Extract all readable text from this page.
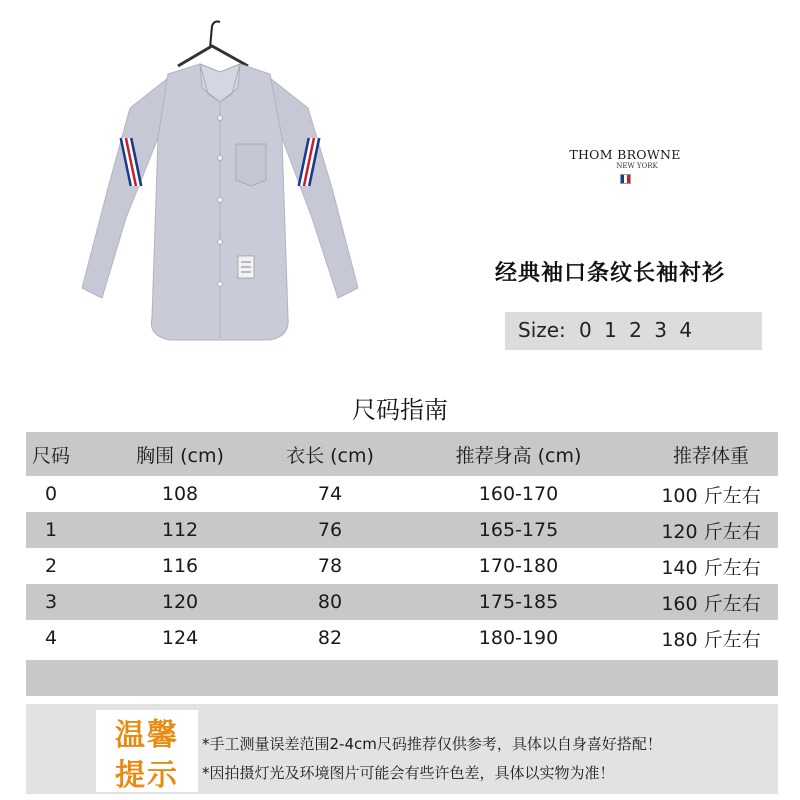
THOM BROWNE
NEW YORK
经典袖口条纹长袖衬衫
Size: 0 1 2 3 4
尺码指南
尺码	胸围 (cm)	衣长 (cm)	推荐身高 (cm)	推荐体重
0	108	74	160-170	100 斤左右
1	112	76	165-175	120 斤左右
2	116	78	170-180	140 斤左右
3	120	80	175-185	160 斤左右
4	124	82	180-190	180 斤左右
温馨
提示
*手工测量误差范围2-4cm尺码推荐仅供参考，具体以自身喜好搭配！
*因拍摄灯光及环境图片可能会有些许色差，具体以实物为准！
